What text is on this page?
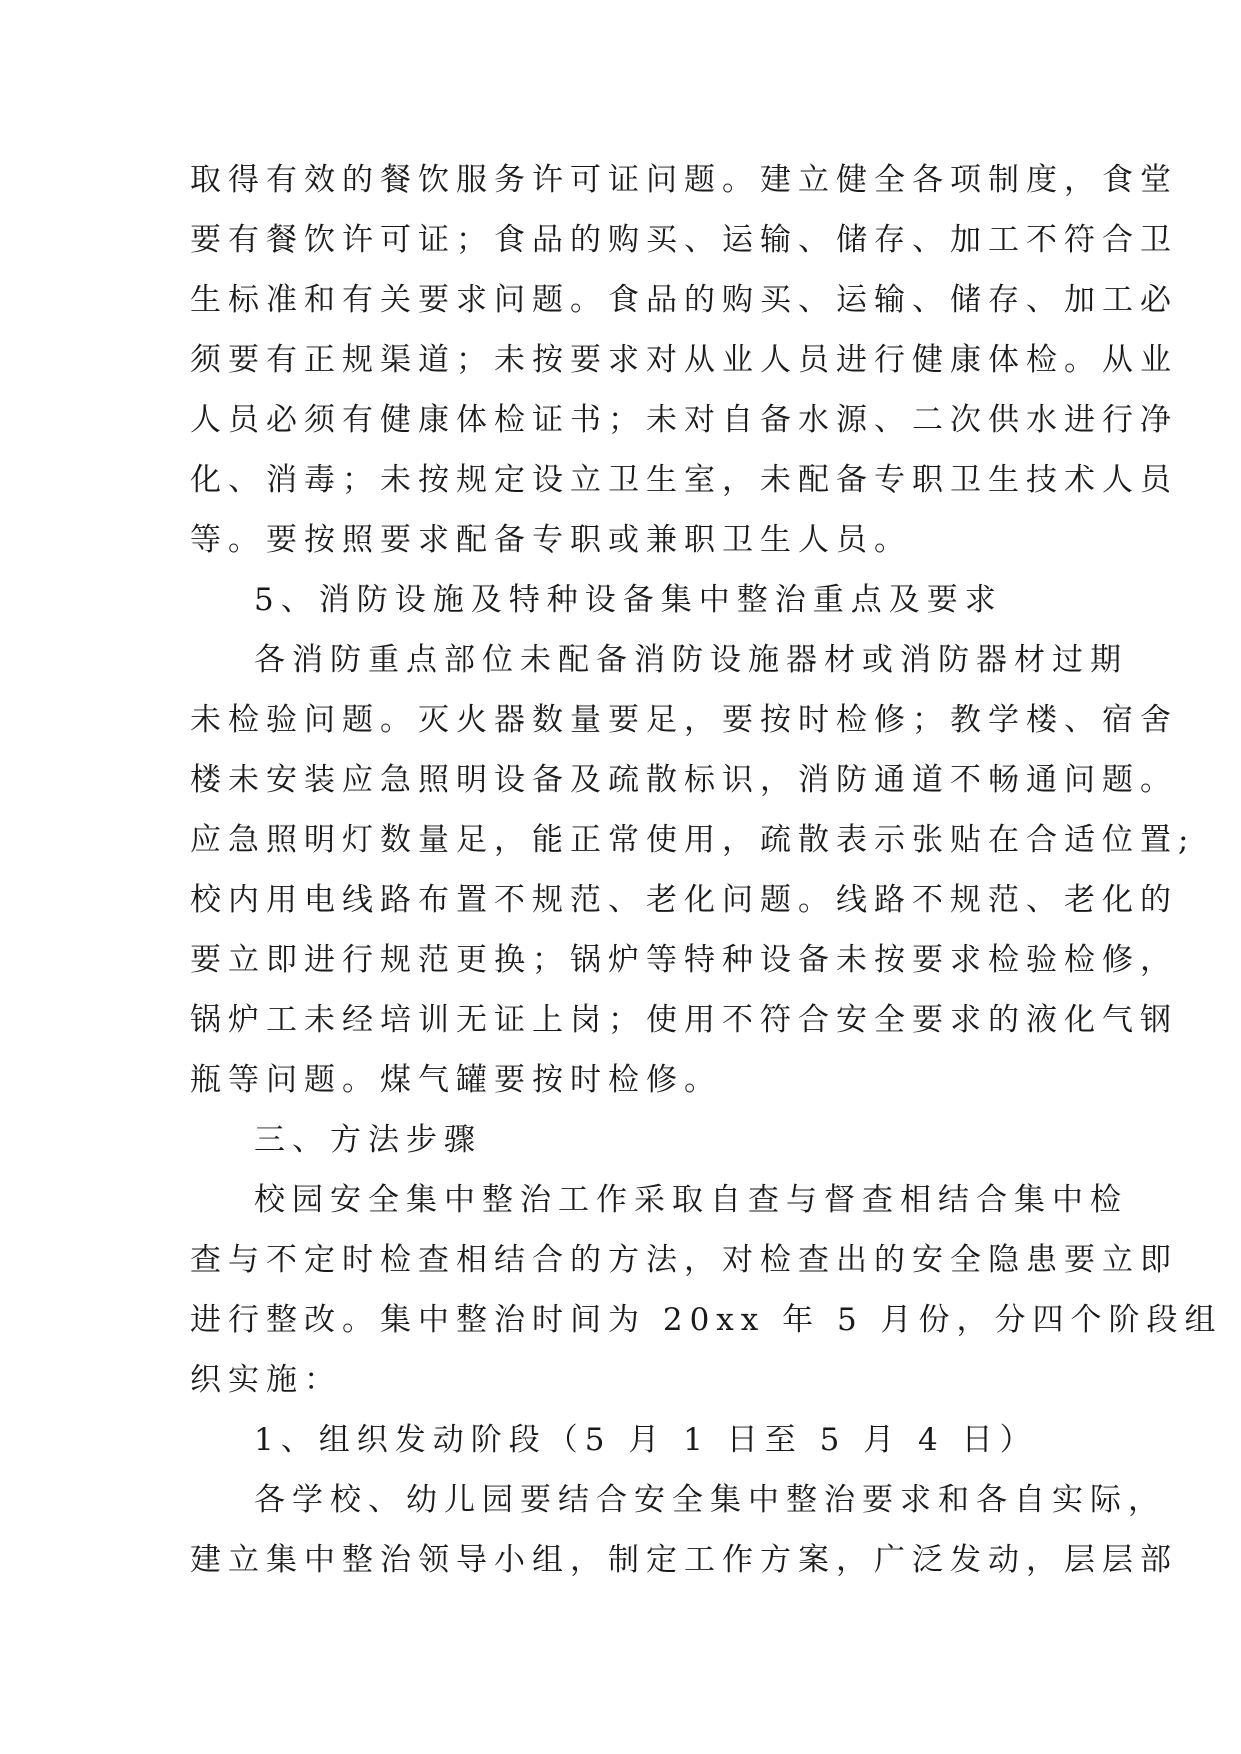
取得有效的餐饮服务许可证问题。建立健全各项制度，食堂
要有餐饮许可证；食品的购买、运输、储存、加工不符合卫
生标准和有关要求问题。食品的购买、运输、储存、加工必
须要有正规渠道；未按要求对从业人员进行健康体检。从业
人员必须有健康体检证书；未对自备水源、二次供水进行净
化、消毒；未按规定设立卫生室，未配备专职卫生技术人员
等。要按照要求配备专职或兼职卫生人员。
5、消防设施及特种设备集中整治重点及要求
各消防重点部位未配备消防设施器材或消防器材过期
未检验问题。灭火器数量要足，要按时检修；教学楼、宿舍
楼未安装应急照明设备及疏散标识，消防通道不畅通问题。
应急照明灯数量足，能正常使用，疏散表示张贴在合适位置;
校内用电线路布置不规范、老化问题。线路不规范、老化的
要立即进行规范更换；锅炉等特种设备未按要求检验检修，
锅炉工未经培训无证上岗；使用不符合安全要求的液化气钢
瓶等问题。煤气罐要按时检修。
三、方法步骤
校园安全集中整治工作采取自查与督查相结合集中检
查与不定时检查相结合的方法，对检查出的安全隐患要立即
进行整改。集中整治时间为 20xx 年 5 月份，分四个阶段组
织实施：
1、组织发动阶段（5 月 1 日至 5 月 4 日）
各学校、幼儿园要结合安全集中整治要求和各自实际，
建立集中整治领导小组，制定工作方案，广泛发动，层层部
